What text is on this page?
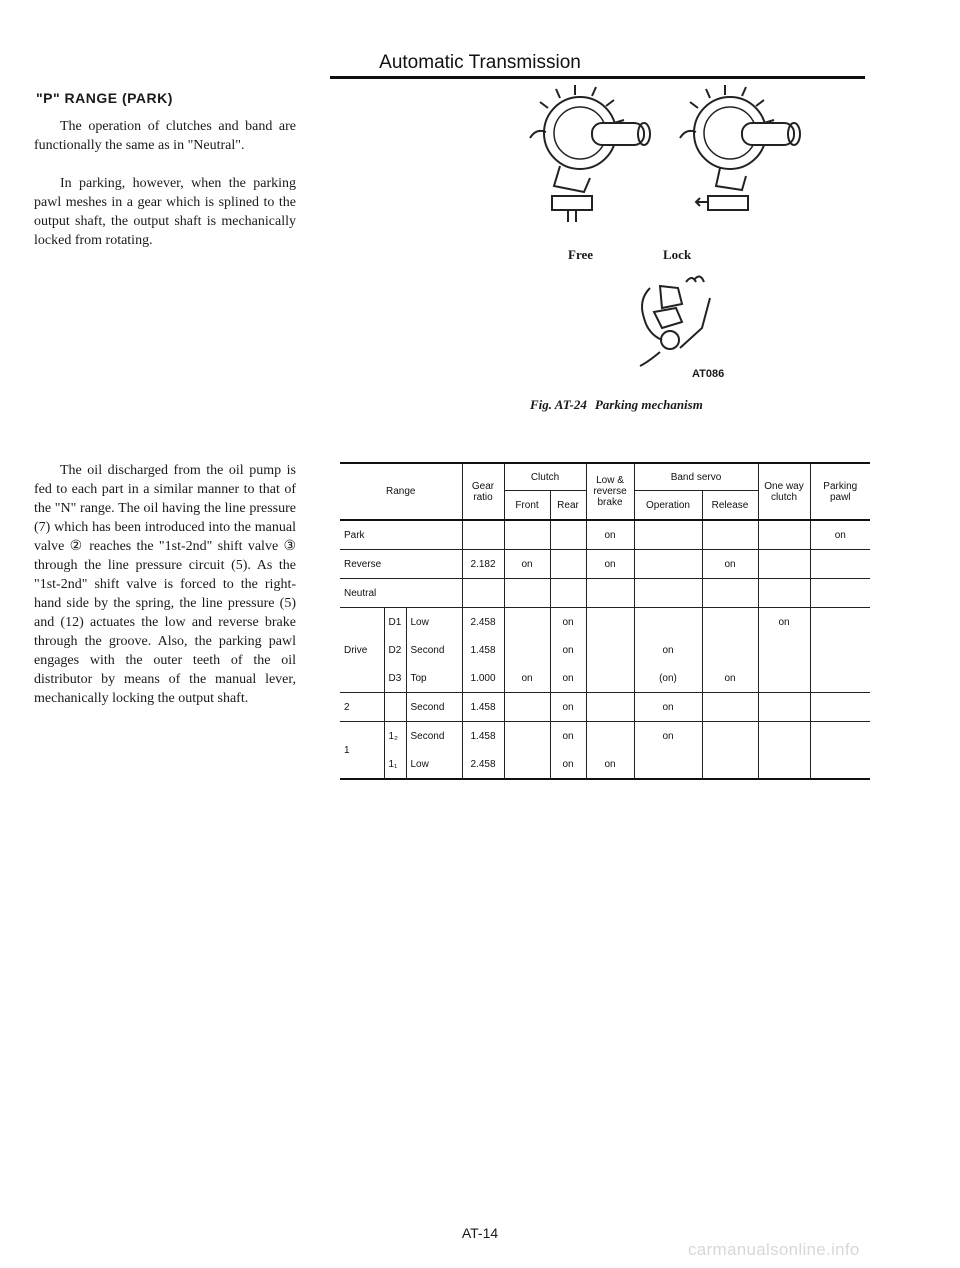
Automatic Transmission
"P" RANGE (PARK)

The operation of clutches and band are functionally the same as in "Neutral".

In parking, however, when the parking pawl meshes in a gear which is splined to the output shaft, the output shaft is mechanically locked from rotating.

The oil discharged from the oil pump is fed to each part in a similar manner to that of the "N" range. The oil having the line pressure (7) which has been introduced into the manual valve ② reaches the "1st-2nd" shift valve ③ through the line pressure circuit (5). As the "1st-2nd" shift valve is forced to the right-hand side by the spring, the line pressure (5) and (12) actuates the low and reverse brake through the groove. Also, the parking pawl engages with the outer teeth of the oil distributor by means of the manual lever, mechanically locking the output shaft.

Free	Lock
AT086
Fig. AT-24 Parking mechanism
Range			Gear ratio	Clutch		Low & reverse brake	Band servo		One way clutch	Parking pawl
				Front	Rear		Operation	Release		
Park						on				on
Reverse			2.182	on		on		on		
Neutral										
Drive	D1	Low	2.458		on				on	
	D2	Second	1.458		on		on			
	D3	Top	1.000	on	on		(on)	on		
2		Second	1.458		on		on			
1	1₂	Second	1.458		on		on			
	1₁	Low	2.458		on	on				
AT-14
carmanualsonline.info
